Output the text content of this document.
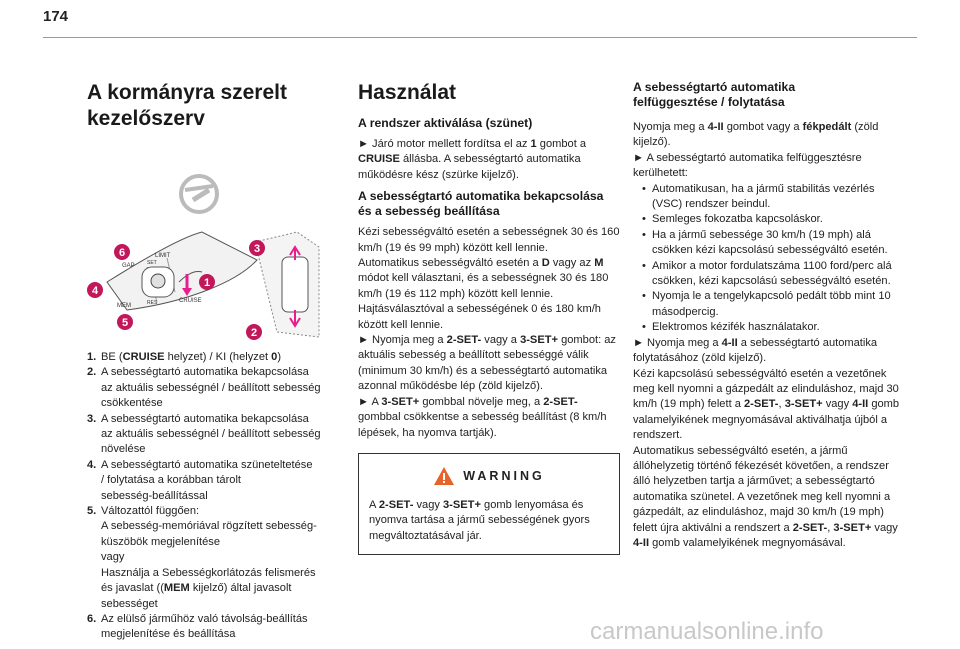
174
A kormányra szerelt
kezelőszerv
GAP
LIMIT
SET
RES
MEM
CRUISE
6
4
5
1
3
2
1. BE (CRUISE helyzet) / KI (helyzet 0)
2. A sebességtartó automatika bekapcsolása
az aktuális sebességnél / beállított sebesség
csökkentése
3. A sebességtartó automatika bekapcsolása
az aktuális sebességnél / beállított sebesség
növelése
4. A sebességtartó automatika szüneteltetése
/ folytatása a korábban tárolt
sebesség-beállítással
5. Változattól függően:
A sebesség-memóriával rögzített sebesség-
küszöbök megjelenítése
vagy
Használja a Sebességkorlátozás felismerés
és javaslat ((MEM kijelző) által javasolt
sebességet
6. Az elülső járműhöz való távolság-beállítás
megjelenítése és beállítása
Használat
A rendszer aktiválása (szünet)

► Járó motor mellett fordítsa el az 1 gombot a CRUISE állásba. A sebességtartó automatika működésre kész (szürke kijelző).

A sebességtartó automatika bekapcsolása
és a sebesség beállítása

Kézi sebességváltó esetén a sebességnek 30 és 160 km/h (19 és 99 mph) között kell lennie.
Automatikus sebességváltó esetén a D vagy az M módot kell választani, és a sebességnek 30 és 180 km/h (19 és 112 mph) között kell lennie.
Hajtásválasztóval a sebességének 0 és 180 km/h között kell lennie.

► Nyomja meg a 2-SET- vagy a 3-SET+ gombot: az aktuális sebesség a beállított sebességgé válik (minimum 30 km/h) és a sebességtartó automatika azonnal működésbe lép (zöld kijelző).

► A 3-SET+ gombbal növelje meg, a 2-SET- gombbal csökkentse a sebesség beállítást (8 km/h lépések, ha nyomva tartják).

WARNING

A 2-SET- vagy 3-SET+ gomb lenyomása és nyomva tartása a jármű sebességének gyors megváltoztatásával jár.

A sebességtartó automatika
felfüggesztése / folytatása

Nyomja meg a 4-II gombot vagy a fékpedált (zöld kijelző).

► A sebességtartó automatika felfüggesztésre kerülhetett:

• Automatikusan, ha a jármű stabilitás vezérlés (VSC) rendszer beindul.
• Semleges fokozatba kapcsoláskor.
• Ha a jármű sebessége 30 km/h (19 mph) alá csökken kézi kapcsolású sebességváltó esetén.
• Amikor a motor fordulatszáma 1100 ford/perc alá csökken, kézi kapcsolású sebességváltó esetén.
• Nyomja le a tengelykapcsoló pedált több mint 10 másodpercig.
• Elektromos kézifék használatakor.

► Nyomja meg a 4-II a sebességtartó automatika folytatásához (zöld kijelző).

Kézi kapcsolású sebességváltó esetén a vezetőnek meg kell nyomni a gázpedált az elinduláshoz, majd 30 km/h (19 mph) felett a 2-SET-, 3-SET+ vagy 4-II gomb valamelyikének megnyomásával aktiválhatja újból a rendszert.

Automatikus sebességváltó esetén, a jármű állóhelyzetig történő fékezését követően, a rendszer álló helyzetben tartja a járművet; a sebességtartó automatika szünetel. A vezetőnek meg kell nyomni a gázpedált, az elinduláshoz, majd 30 km/h (19 mph) felett újra aktiválni a rendszert a 2-SET-, 3-SET+ vagy 4-II gomb valamelyikének megnyomásával.

carmanualsonline.info
